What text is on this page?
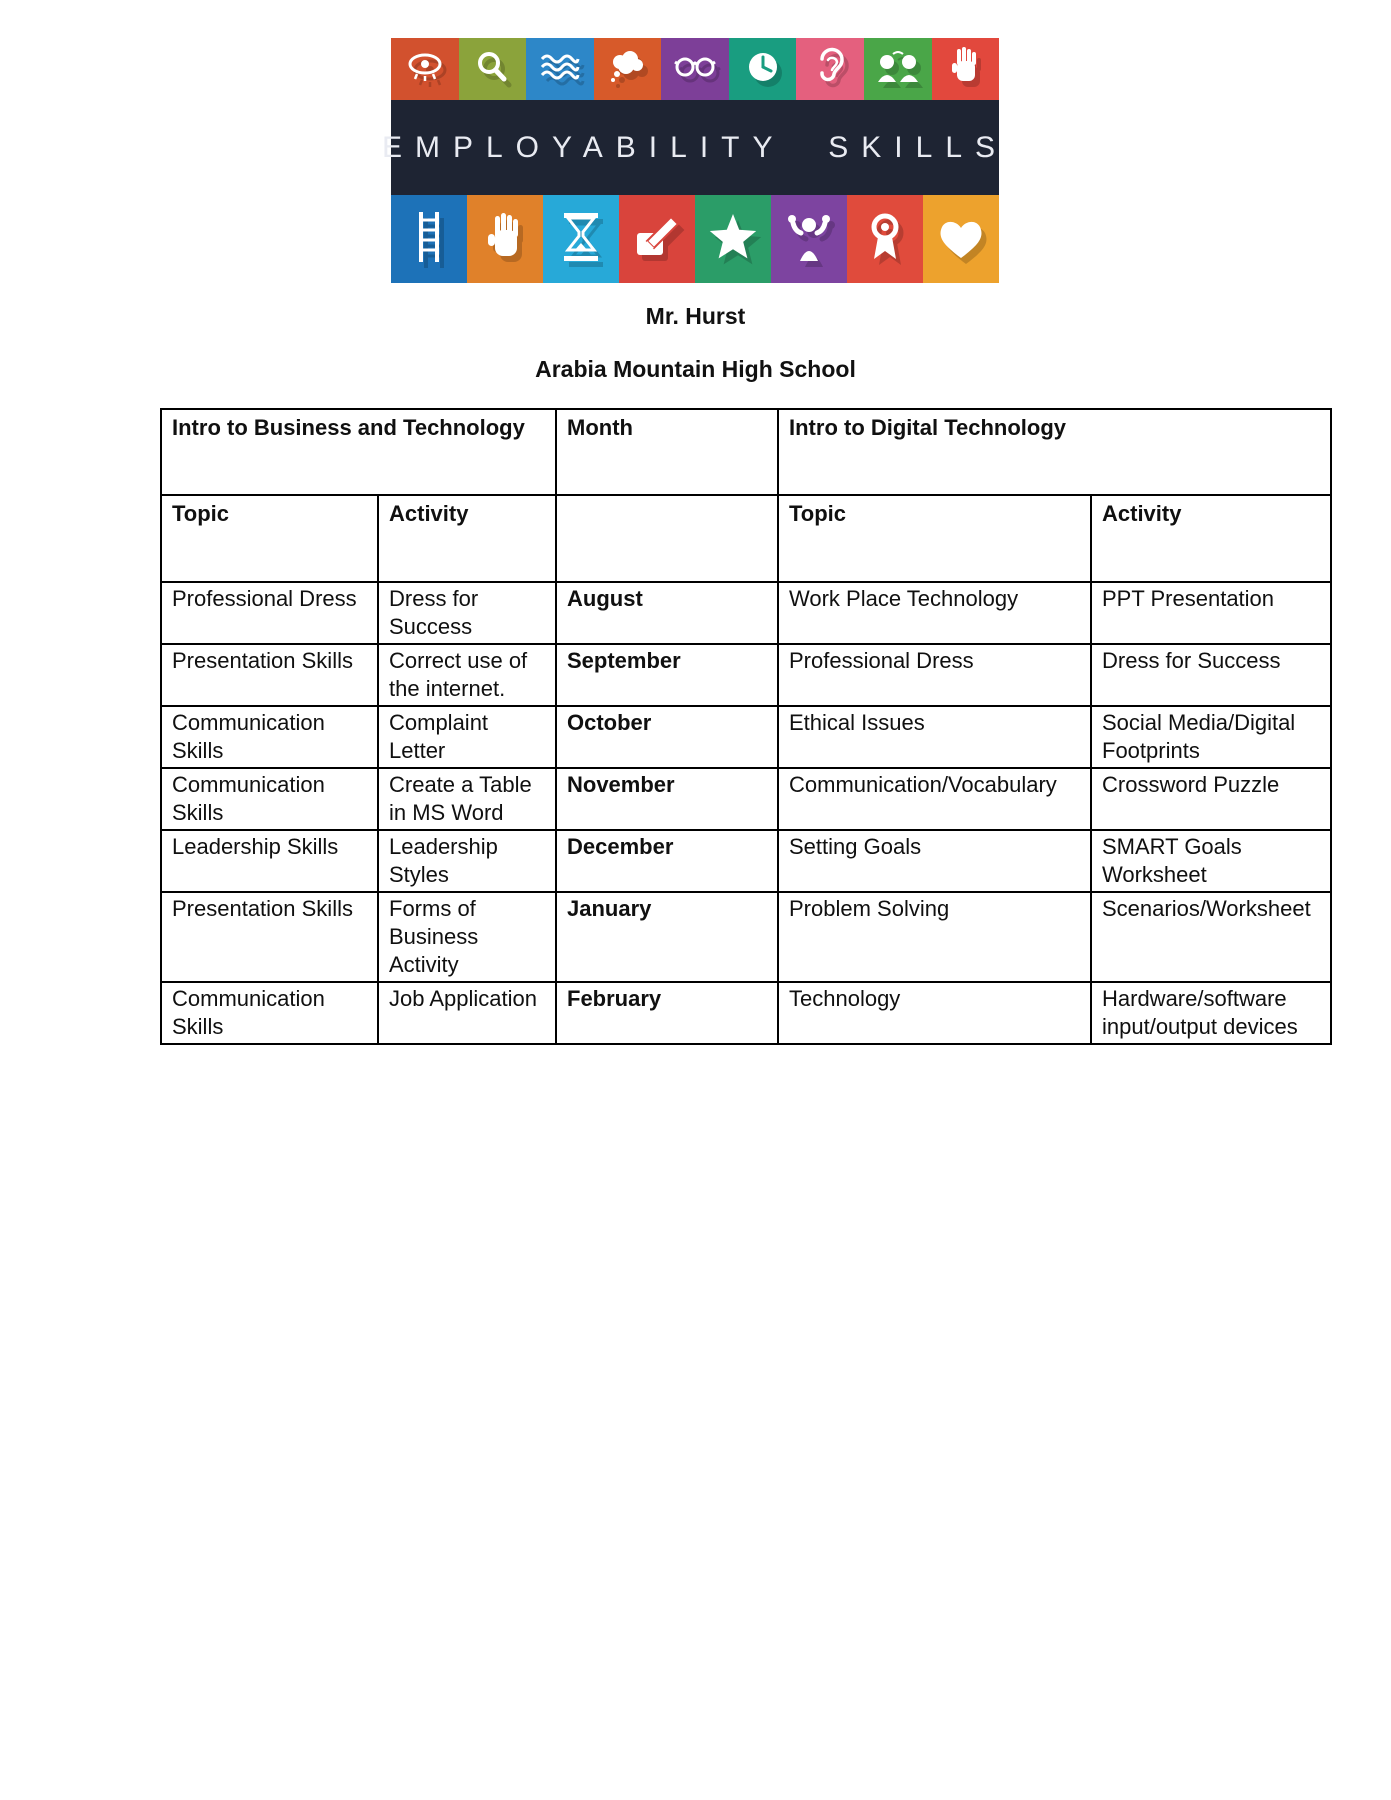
EMPLOYABILITY SKILLS
Mr. Hurst
Arabia Mountain High School
Intro to Business and Technology		Month	Intro to Digital Technology	
Topic	Activity		Topic	Activity
Professional Dress	Dress for Success	August	Work Place Technology	PPT Presentation
Presentation Skills	Correct use of the internet.	September	Professional Dress	Dress for Success
Communication Skills	Complaint Letter	October	Ethical Issues	Social Media/Digital Footprints
Communication Skills	Create a Table in MS Word	November	Communication/Vocabulary	Crossword Puzzle
Leadership Skills	Leadership Styles	December	Setting Goals	SMART Goals Worksheet
Presentation Skills	Forms of Business Activity	January	Problem Solving	Scenarios/Worksheet
Communication Skills	Job Application	February	Technology	Hardware/software input/output devices
